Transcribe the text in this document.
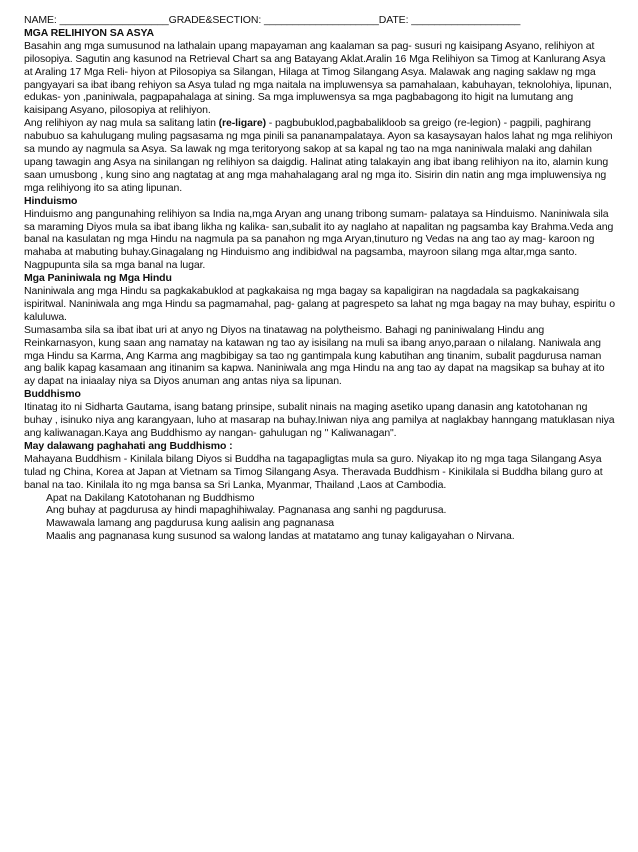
NAME: ___________________GRADE&SECTION: ____________________DATE: ___________________
MGA RELIHIYON SA ASYA

Basahin ang mga sumusunod na lathalain upang mapayaman ang kaalaman sa pag- susuri ng kaisipang Asyano, relihiyon at pilosopiya. Sagutin ang kasunod na Retrieval Chart sa ang Batayang Aklat.Aralin 16 Mga Relihiyon sa Timog at Kanlurang Asya at Araling 17 Mga Reli- hiyon at Pilosopiya sa Silangan, Hilaga at Timog Silangang Asya. Malawak ang naging saklaw ng mga pangyayari sa ibat ibang rehiyon sa Asya tulad ng mga naitala na impluwensya sa pamahalaan, kabuhayan, teknolohiya, lipunan, edukas- yon ,paniniwala, pagpapahalaga at sining. Sa mga impluwensya sa mga pagbabagong ito higit na lumutang ang kaisipang Asyano, pilosopiya at relihiyon.

Ang relihiyon ay nag mula sa salitang latin (re-ligare) - pagbubuklod,pagbabalikloob sa greigo (re-legion) - pagpili, paghirang nabubuo sa kahulugang muling pagsasama ng mga pinili sa pananampalataya. Ayon sa kasaysayan halos lahat ng mga relihiyon sa mundo ay nagmula sa Asya. Sa lawak ng mga teritoryong sakop at sa kapal ng tao na mga naniniwala malaki ang dahilan upang tawagin ang Asya na sinilangan ng relihiyon sa daigdig. Halinat ating talakayin ang ibat ibang relihiyon na ito, alamin kung saan umusbong , kung sino ang nagtatag at ang mga mahahalagang aral ng mga ito. Sisirin din natin ang mga impluwensiya ng mga relihiyong ito sa ating lipunan.

Hinduismo

Hinduismo ang pangunahing relihiyon sa India na,mga Aryan ang unang tribong sumam- palataya sa Hinduismo. Naniniwala sila sa maraming Diyos mula sa ibat ibang likha ng kalika- san,subalit ito ay naglaho at napalitan ng pagsamba kay Brahma.Veda ang banal na kasulatan ng mga Hindu na nagmula pa sa panahon ng mga Aryan,tinuturo ng Vedas na ang tao ay mag- karoon ng mahaba at mabuting buhay.Ginagalang ng Hinduismo ang indibidwal na pagsamba, mayroon silang mga altar,mga santo. Nagpupunta sila sa mga banal na lugar.

Mga Paniniwala ng Mga Hindu

Naniniwala ang mga Hindu sa pagkakabuklod at pagkakaisa ng mga bagay sa kapaligiran na nagdadala sa pagkakaisang ispiritwal. Naniniwala ang mga Hindu sa pagmamahal, pag- galang at pagrespeto sa lahat ng mga bagay na may buhay, espiritu o kaluluwa.

Sumasamba sila sa ibat ibat uri at anyo ng Diyos na tinatawag na polytheismo. Bahagi ng paniniwalang Hindu ang Reinkarnasyon, kung saan ang namatay na katawan ng tao ay isisilang na muli sa ibang anyo,paraan o nilalang. Naniwala ang mga Hindu sa Karma, Ang Karma ang magbibigay sa tao ng gantimpala kung kabutihan ang tinanim, subalit pagdurusa naman ang balik kapag kasamaan ang itinanim sa kapwa. Naniniwala ang mga Hindu na ang tao ay dapat na magsikap sa buhay at ito ay dapat na iniaalay niya sa Diyos anuman ang antas niya sa lipunan.

Buddhismo

Itinatag ito ni Sidharta Gautama, isang batang prinsipe, subalit ninais na maging asetiko upang danasin ang katotohanan ng buhay , isinuko niya ang karangyaan, luho at masarap na buhay.Iniwan niya ang pamilya at naglakbay hanngang matuklasan niya ang kaliwanagan.Kaya ang Buddhismo ay nangan- gahulugan ng " Kaliwanagan".

May dalawang paghahati ang Buddhismo :

Mahayana Buddhism - Kinilala bilang Diyos si Buddha na tagapagligtas mula sa guro. Niyakap ito ng mga taga Silangang Asya tulad ng China, Korea at Japan at Vietnam sa Timog Silangang Asya. Theravada Buddhism - Kinikilala si Buddha bilang guro at banal na tao. Kinilala ito ng mga bansa sa Sri Lanka, Myanmar, Thailand ,Laos at Cambodia.

Apat na Dakilang Katotohanan ng Buddhismo
Ang buhay at pagdurusa ay hindi mapaghihiwalay. Pagnanasa ang sanhi ng pagdurusa.
Mawawala lamang ang pagdurusa kung aalisin ang pagnanasa
Maalis ang pagnanasa kung susunod sa walong landas at matatamo ang tunay kaligayahan o Nirvana.
